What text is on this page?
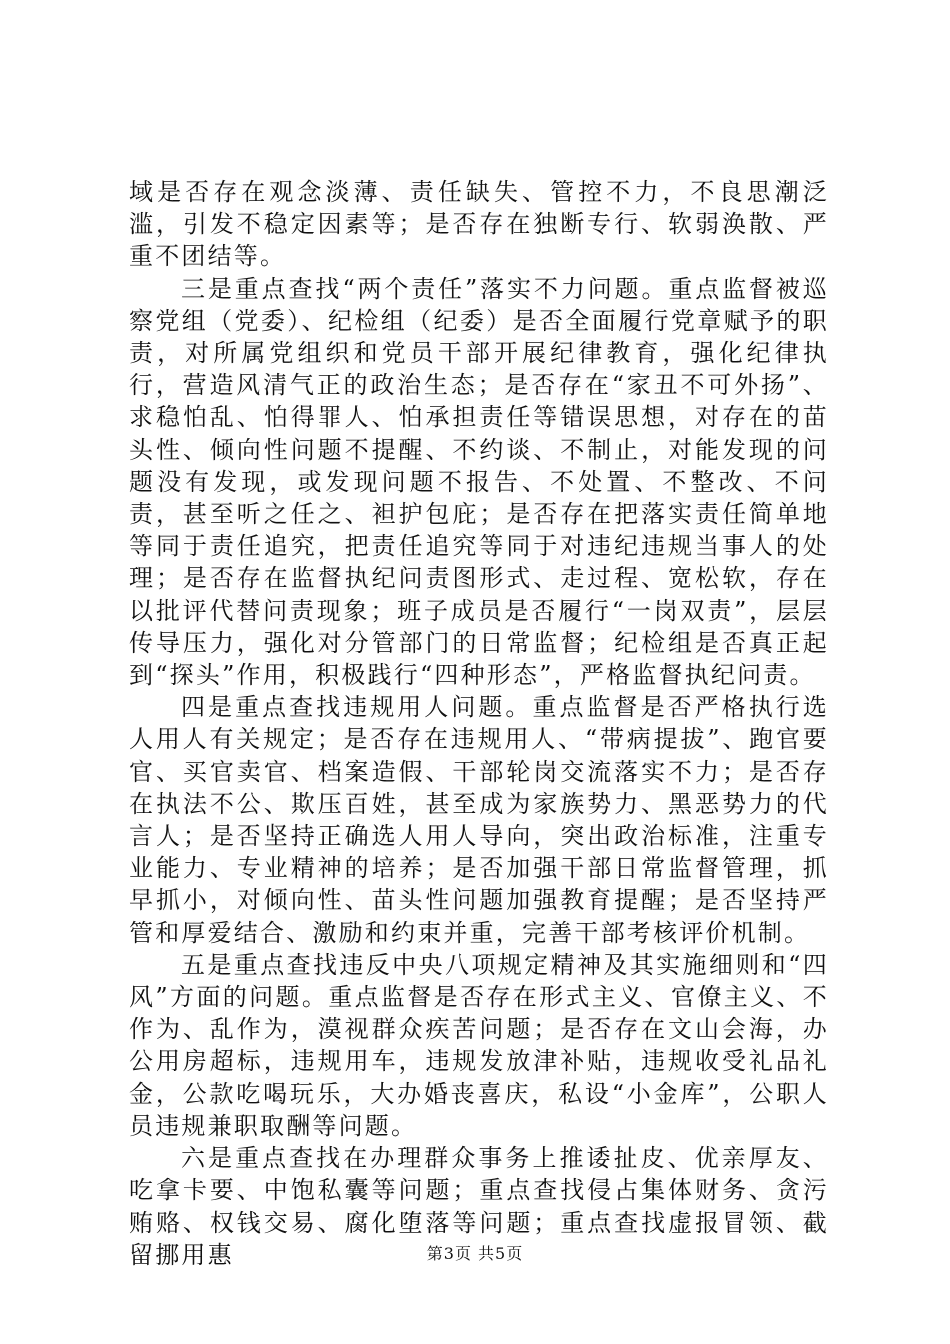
域是否存在观念淡薄、责任缺失、管控不力，不良思潮泛滥，引发不稳定因素等；是否存在独断专行、软弱涣散、严重不团结等。

三是重点查找“两个责任”落实不力问题。重点监督被巡察党组（党委）、纪检组（纪委）是否全面履行党章赋予的职责，对所属党组织和党员干部开展纪律教育，强化纪律执行，营造风清气正的政治生态；是否存在“家丑不可外扬”、求稳怕乱、怕得罪人、怕承担责任等错误思想，对存在的苗头性、倾向性问题不提醒、不约谈、不制止，对能发现的问题没有发现，或发现问题不报告、不处置、不整改、不问责，甚至听之任之、袒护包庇；是否存在把落实责任简单地等同于责任追究，把责任追究等同于对违纪违规当事人的处理；是否存在监督执纪问责图形式、走过程、宽松软，存在以批评代替问责现象；班子成员是否履行“一岗双责”，层层传导压力，强化对分管部门的日常监督；纪检组是否真正起到“探头”作用，积极践行“四种形态”，严格监督执纪问责。

四是重点查找违规用人问题。重点监督是否严格执行选人用人有关规定；是否存在违规用人、“带病提拔”、跑官要官、买官卖官、档案造假、干部轮岗交流落实不力；是否存在执法不公、欺压百姓，甚至成为家族势力、黑恶势力的代言人；是否坚持正确选人用人导向，突出政治标准，注重专业能力、专业精神的培养；是否加强干部日常监督管理，抓早抓小，对倾向性、苗头性问题加强教育提醒；是否坚持严管和厚爱结合、激励和约束并重，完善干部考核评价机制。

五是重点查找违反中央八项规定精神及其实施细则和“四风”方面的问题。重点监督是否存在形式主义、官僚主义、不作为、乱作为，漠视群众疾苦问题；是否存在文山会海，办公用房超标，违规用车，违规发放津补贴，违规收受礼品礼金，公款吃喝玩乐，大办婚丧喜庆，私设“小金库”，公职人员违规兼职取酬等问题。

六是重点查找在办理群众事务上推诿扯皮、优亲厚友、吃拿卡要、中饱私囊等问题；重点查找侵占集体财务、贪污贿赂、权钱交易、腐化堕落等问题；重点查找虚报冒领、截留挪用惠	第3页 共5页
